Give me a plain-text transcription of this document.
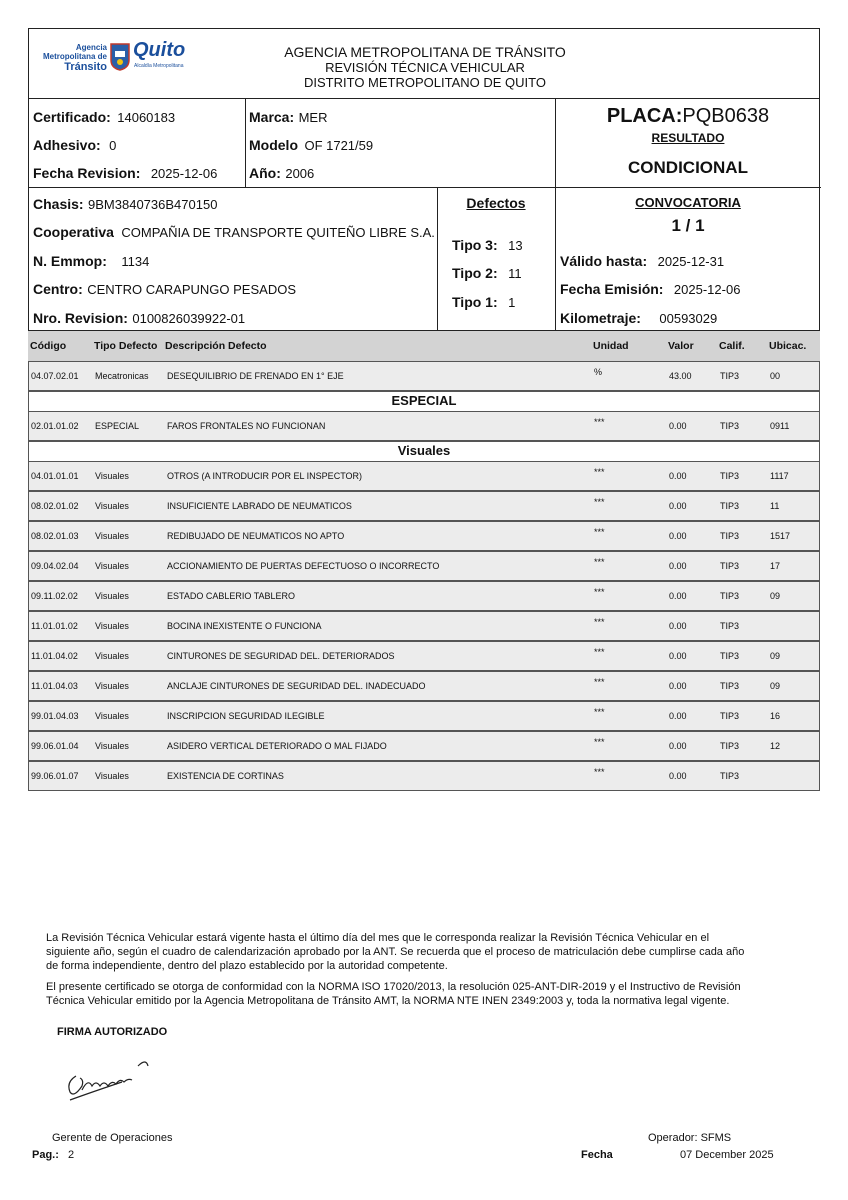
Agencia
Metropolitana de
Tránsito
Quito
Alcaldía Metropolitana
AGENCIA METROPOLITANA DE TRÁNSITO
REVISIÓN TÉCNICA VEHICULAR
DISTRITO METROPOLITANO DE QUITO
Certificado: 14060183
Adhesivo: 0
Fecha Revision: 2025-12-06
Marca: MER
Modelo OF 1721/59
Año: 2006
PLACA:PQB0638
RESULTADO
CONDICIONAL
Chasis: 9BM3840736B470150
Cooperativa COMPAÑIA DE TRANSPORTE QUITEÑO LIBRE S.A.
N. Emmop: 1134
Centro: CENTRO CARAPUNGO PESADOS
Nro. Revision: 0100826039922-01
Defectos
Tipo 3: 13
Tipo 2: 11
Tipo 1: 1
CONVOCATORIA
1 / 1
Válido hasta: 2025-12-31
Fecha Emisión: 2025-12-06
Kilometraje: 00593029
Código	Tipo Defecto Descripción Defecto	Unidad	Valor Calif. Ubicac.
04.07.02.01 Mecatronicas DESEQUILIBRIO DE FRENADO EN 1° EJE	%	43.00	TIP3	00
ESPECIAL
02.01.01.02 ESPECIAL	FAROS FRONTALES NO FUNCIONAN	***	0.00	TIP3	0911
Visuales
04.01.01.01 Visuales	OTROS (A INTRODUCIR POR EL INSPECTOR)	***	0.00	TIP3	1117
08.02.01.02 Visuales	INSUFICIENTE LABRADO DE NEUMATICOS	***	0.00	TIP3	11
08.02.01.03 Visuales	REDIBUJADO DE NEUMATICOS NO APTO	***	0.00	TIP3	1517
09.04.02.04 Visuales	ACCIONAMIENTO DE PUERTAS DEFECTUOSO O INCORRECTO	***	0.00	TIP3	17
09.11.02.02 Visuales	ESTADO CABLERIO TABLERO	***	0.00	TIP3	09
11.01.01.02 Visuales	BOCINA INEXISTENTE O FUNCIONA	***	0.00	TIP3
11.01.04.02 Visuales	CINTURONES DE SEGURIDAD DEL. DETERIORADOS	***	0.00	TIP3	09
11.01.04.03 Visuales	ANCLAJE CINTURONES DE SEGURIDAD DEL. INADECUADO	***	0.00	TIP3	09
99.01.04.03 Visuales	INSCRIPCION SEGURIDAD ILEGIBLE	***	0.00	TIP3	16
99.06.01.04 Visuales	ASIDERO VERTICAL DETERIORADO O MAL FIJADO	***	0.00	TIP3	12
99.06.01.07 Visuales	EXISTENCIA DE CORTINAS	***	0.00	TIP3
La Revisión Técnica Vehicular estará vigente hasta el último día del mes que le corresponda realizar la Revisión Técnica Vehicular en el siguiente año, según el cuadro de calendarización aprobado por la ANT. Se recuerda que el proceso de matriculación debe cumplirse cada año de forma independiente, dentro del plazo establecido por la autoridad competente.
El presente certificado se otorga de conformidad con la NORMA ISO 17020/2013, la resolución 025-ANT-DIR-2019 y el Instructivo de Revisión Técnica Vehicular emitido por la Agencia Metropolitana de Tránsito AMT, la NORMA NTE INEN 2349:2003 y, toda la normativa legal vigente.
FIRMA AUTORIZADO
Gerente de Operaciones	Operador: SFMS
Pag.: 2	Fecha	07 December 2025
